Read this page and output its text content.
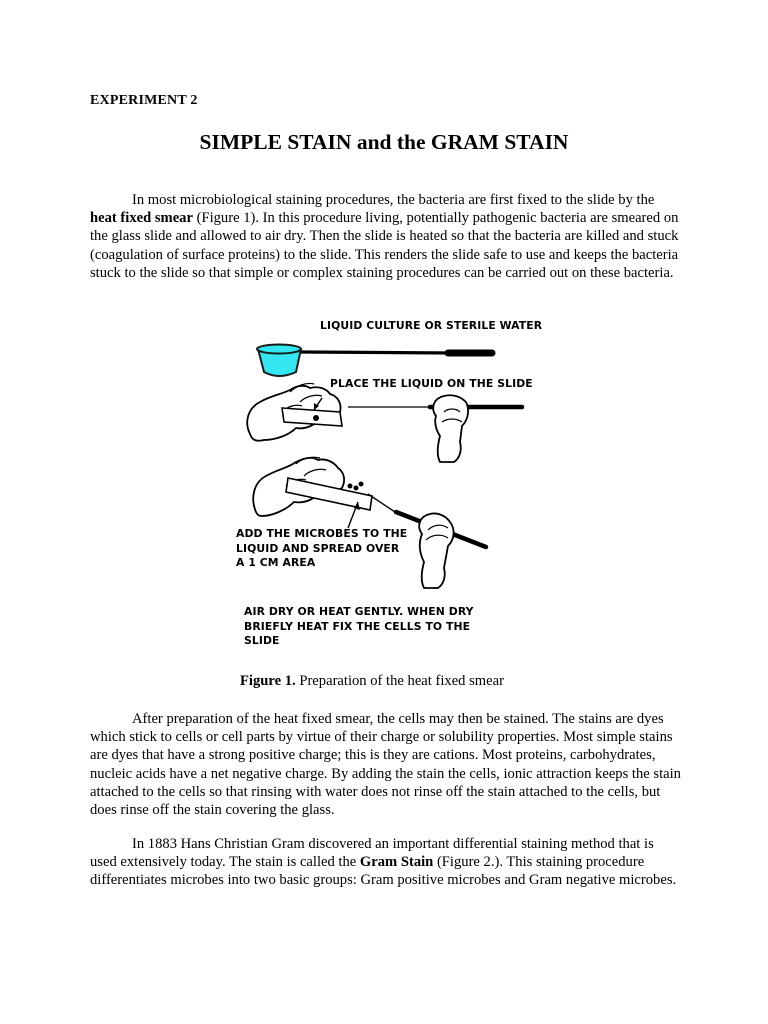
EXPERIMENT 2
SIMPLE STAIN and the GRAM STAIN

In most microbiological staining procedures, the bacteria are first fixed to the slide by the heat fixed smear (Figure 1). In this procedure living, potentially pathogenic bacteria are smeared on the glass slide and allowed to air dry. Then the slide is heated so that the bacteria are killed and stuck (coagulation of surface proteins) to the slide. This renders the slide safe to use and keeps the bacteria stuck to the slide so that simple or complex staining procedures can be carried out on these bacteria.

LIQUID CULTURE OR STERILE WATER
PLACE THE LIQUID ON THE SLIDE
ADD THE MICROBES TO THE
LIQUID AND SPREAD OVER
A 1 CM AREA
AIR DRY OR HEAT GENTLY. WHEN DRY
BRIEFLY HEAT FIX THE CELLS TO THE
SLIDE
Figure 1. Preparation of the heat fixed smear

After preparation of the heat fixed smear, the cells may then be stained. The stains are dyes which stick to cells or cell parts by virtue of their charge or solubility properties. Most simple stains are dyes that have a strong positive charge; this is they are cations. Most proteins, carbohydrates, nucleic acids have a net negative charge. By adding the stain the cells, ionic attraction keeps the stain attached to the cells so that rinsing with water does not rinse off the stain attached to the cells, but does rinse off the stain covering the glass.

In 1883 Hans Christian Gram discovered an important differential staining method that is used extensively today. The stain is called the Gram Stain (Figure 2.). This staining procedure differentiates microbes into two basic groups: Gram positive microbes and Gram negative microbes.
